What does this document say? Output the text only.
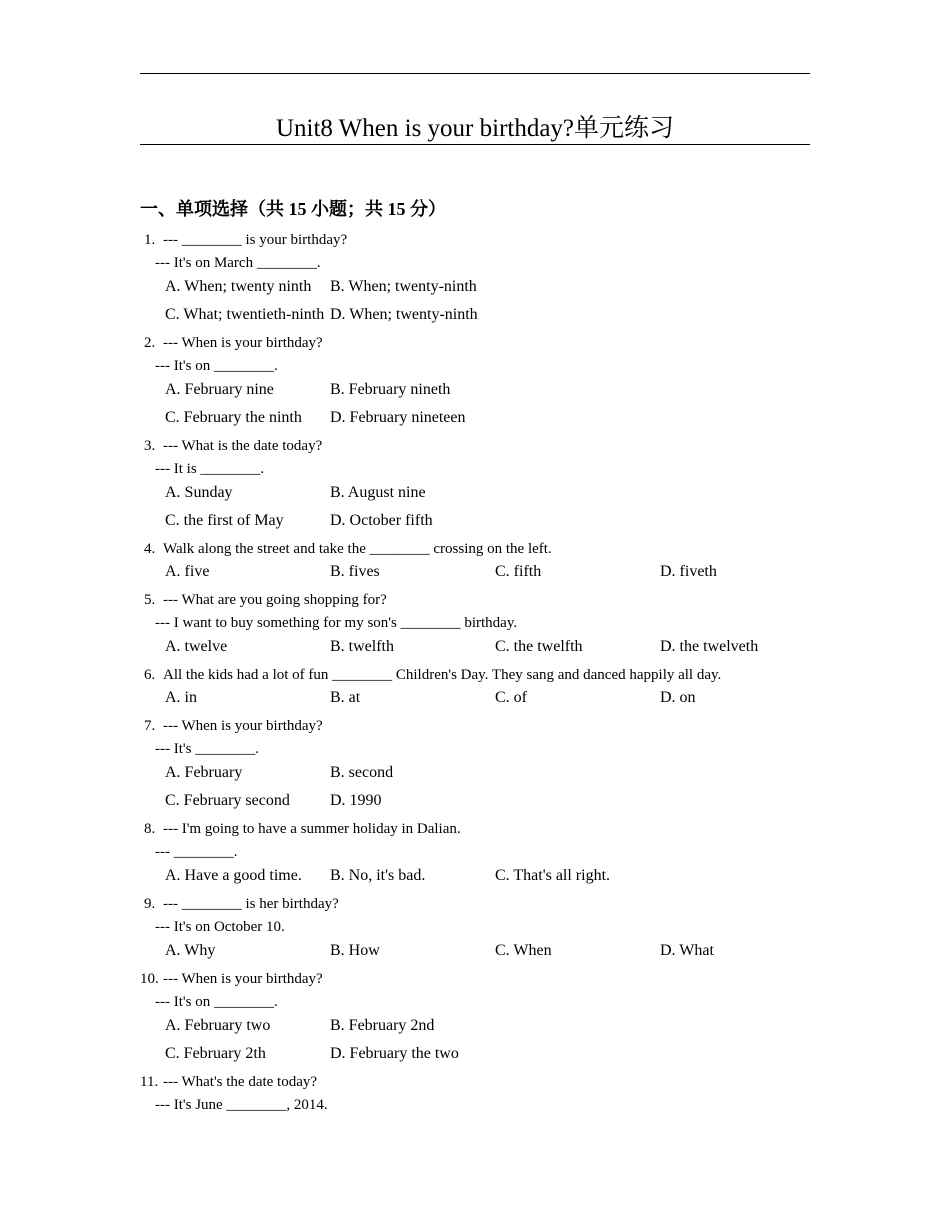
Unit8 When is your birthday?单元练习
一、单项选择（共 15 小题；共 15 分）
1. --- ________ is your birthday?
--- It's on March ________.
A. When; twenty ninth B. When; twenty-ninth
C. What; twentieth-ninth D. When; twenty-ninth
2. --- When is your birthday?
--- It's on ________.
A. February nine	B. February nineth
C. February the ninth D. February nineteen
3. --- What is the date today?
--- It is ________.
A. Sunday	B. August nine
C. the first of May	D. October fifth
4. Walk along the street and take the ________ crossing on the left.
A. five	B. fives	C. fifth	D. fiveth
5. --- What are you going shopping for?
--- I want to buy something for my son's ________ birthday.
A. twelve	B. twelfth	C. the twelfth	D. the twelveth
6. All the kids had a lot of fun ________ Children's Day. They sang and danced happily all day.
A. in	B. at	C. of	D. on
7. --- When is your birthday?
--- It's ________.
A. February	B. second
C. February second	D. 1990
8. --- I'm going to have a summer holiday in Dalian.
--- ________.
A. Have a good time. B. No, it's bad.	C. That's all right.
9. --- ________ is her birthday?
--- It's on October 10.
A. Why	B. How	C. When	D. What
10. --- When is your birthday?
--- It's on ________.
A. February two	B. February 2nd
C. February 2th	D. February the two
11. --- What's the date today?
--- It's June ________, 2014.
